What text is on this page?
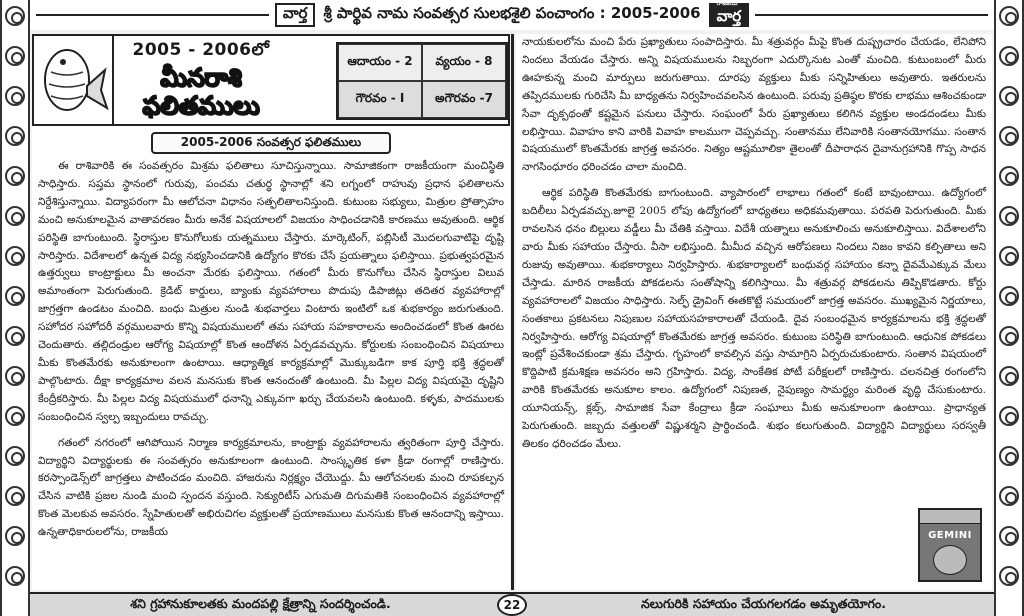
వార్త	శ్రీ పార్థివ నామ సంవత్సర సులభశైలి పంచాంగం : 2005-2006
రాజకీయ
వార్త
2005 - 2006లో
మీనరాశి
ఫలితములు
ఆదాయం - 2	వ్యయం - 8
గౌరవం - I	అగౌరవం -7
2005-2006 సంవత్సర ఫలితములు

ఈ రాశివారికి ఈ సంవత్సరం మిశ్రమ ఫలితాలు సూచిస్తున్నాయి. సామాజికంగా రాజకీయంగా మంచిస్థితి సాధిస్తారు. సప్తమ స్థానంలో గురువు, పంచమ చతుర్థ స్థానాల్లో శని లగ్నంలో రాహువు ప్రధాన ఫలితాలను నిర్దేశిస్తున్నాయి. విద్యాపరంగా మీ ఆలోచనా విధానం సత్ఫలితాలనిస్తుంది. కుటుంబ సభ్యులు, మిత్రుల ప్రోత్సాహం మంచి అనుకూలమైన వాతావరణం మీరు అనేక విషయాలలో విజయం సాధించడానికి కారణము అవుతుంది. ఆర్థిక పరిస్థితి బాగుంటుంది. స్థిరాస్తుల కొనుగోలుకు యత్నములు చేస్తారు. మార్కెటింగ్, పబ్లిసిటీ మొదలగువాటిపై దృష్టి సారిస్తారు. విదేశాలలో ఉన్నత విద్య నభ్యసించడానికి ఉద్యోగం కొరకు చేసే ప్రయత్నాలు ఫలిస్తాయి. ప్రభుత్వపరమైన ఉత్తర్వులు కాంట్రాక్టులు మీ అంచనా మేరకు ఫలిస్తాయి. గతంలో మీరు కొనుగోలు చేసిన స్థిరాస్తుల విలువ అమాంతంగా పెరుగుతుంది. క్రెడిట్ కార్డులు, బ్యాంకు వ్యవహారాలు పొదుపు డిపాజిట్లు తదితర వ్యవహారాల్లో జాగ్రత్తగా ఉండటం మంచిది. బంధు మిత్రుల నుండి శుభవార్తలు వింటారు ఇంటిలో ఒక శుభకార్యం జరుగుతుంది. సహోదర సహోదరీ వర్గములవారు కొన్ని విషయములలో తమ సహాయ సహకారాలను అందించడంలో కొంత ఊరట చెందుతారు. తల్లిదండ్రుల ఆరోగ్య విషయాల్లో కొంత ఆందోళన ఏర్పడవచ్చును. కోర్టులకు సంబంధించిన విషయాలు మీకు కొంతమేరకు అనుకూలంగా ఉంటాయి. ఆధ్యాత్మిక కార్యక్రమాల్లో మొక్కుబడిగా కాక పూర్తి భక్తి శ్రద్ధలతో పాల్గొంటారు. దీక్షా కార్యక్రమాల వలన మనసుకు కొంత ఆనందంతో ఉంటుంది. మీ పిల్లల విద్య విషయమై దృష్టిని కేంద్రీకరిస్తారు. మీ పిల్లల విద్య విషయములో ధనాన్ని ఎక్కువగా ఖర్చు చేయవలసి ఉంటుంది. కళ్ళకు, పాదములకు సంబంధించిన స్వల్ప ఇబ్బందులు రావచ్చు.

గతంలో నగరంలో ఆగిపోయిన నిర్మాణ కార్యక్రమాలను, కాంట్రాక్టు వ్యవహారాలను త్వరితంగా పూర్తి చేస్తారు. విద్యార్థిని విద్యార్థులకు ఈ సంవత్సరం అనుకూలంగా ఉంటుంది. సాంస్కృతిక కళా క్రీడా రంగాల్లో రాణిస్తారు. కరస్పాండెన్స్‌లో జాగ్రత్తలు పాటించడం మంచిది. హాజరును నిర్లక్ష్యం చేయొద్దు. మీ ఆలోచనలకు మంచి రూపకల్పన చేసిన వాటికి ప్రజల నుండి మంచి స్పందన వస్తుంది. సెక్యురిటీస్ ఎగుమతి దిగుమతికి సంబంధించిన వ్యవహారాల్లో కొంత మెలకువ అవసరం. స్నేహితులతో అభిరుచిగల వ్యక్తులతో ప్రయాణములు మనసుకు కొంత ఆనందాన్ని ఇస్తాయి. ఉన్నతాధికారులలోను, రాజకీయ

నాయకులలోను మంచి పేరు ప్రఖ్యాతులు సంపాదిస్తారు. మీ శత్రువర్గం మీపై కొంత దుష్ప్రచారం చేయడం, లేనిపోని నిందలు వేయడం చేస్తారు. అన్ని విషయములను నిబ్బరంగా ఎదుర్కొనుట ఎంతో మంచిది. కుటుంబంలో మీరు ఊహకున్న మంచి మార్పులు జరుగుతాయి. దూరపు వ్యక్తులు మీకు సన్నిహితులు అవుతారు. ఇతరులను తప్పిదములకు గురిచేసి మీ బాధ్యతను నిర్వహించవలసిన ఉంటుంది. పరువు ప్రతిష్ఠల కొరకు లాభము ఆశించకుండా సేవా దృక్పథంతో కష్టమైన పనులు చేస్తారు. సంఘంలో పేరు ప్రఖ్యాతులు కలిగిన వ్యక్తుల అండదండలు మీకు లభిస్తాయి. వివాహం కాని వారికి వివాహ కాలముగా చెప్పవచ్చు. సంతానము లేనివారికి సంతానయోగము. సంతాన విషయములో కొంతమేరకు జాగ్రత్త అవసరం. నిత్యం ఆష్టమూలికా తైలంతో దీపారాధన దైవానుగ్రహానికి గొప్ప సాధన నాగసింధూరం ధరించడం చాలా మంచిది.

ఆర్థిక పరిస్థితి కొంతమేరకు బాగుంటుంది. వ్యాపారంలో లాభాలు గతంలో కంటే బావుంటాయి. ఉద్యోగంలో బదిలీలు ఏర్పడవచ్చు.జూలై 2005 లోపు ఉద్యోగంలో బాధ్యతలు అధికమవుతాయి. పరపతి పెరుగుతుంది. మీకు రావలసిన ధనం బిల్లులు వడ్డీలు మీ చేతికి వస్తాయి. విదేశీ యత్నాలు అనుకూలించు అనుకూలిస్తాయి. విదేశాలలోని వారు మీకు సహాయం చేస్తారు. వీసా లభిస్తుంది. మీమీద వచ్చిన ఆరోపణలు నిందలు నిజం కావని కల్పితాలు అని రుజువు అవుతాయి. శుభకార్యాలు నిర్వహిస్తారు. శుభకార్యాలలో బంధువర్గ సహాయం కన్నా దైవమేఎక్కువ మేలు చేస్తాడు. మారిన రాజకీయ పోకడలను సంతోషాన్ని కలిగిస్తాయి. మీ శత్రువర్గ పోకడలను తిప్పికొడతారు. కోర్టు వ్యవహారాలలో విజయం సాధిస్తారు. సెల్ఫ్ డ్రైవింగ్ ఈతకొట్టే సమయంలో జాగ్రత్త అవసరం. ముఖ్యమైన నిర్ణయాలు, సంతకాలు ప్రకటనలు నిపుణుల సహాయసహకారాలతో చేయండి. దైవ సంబంధమైన కార్యక్రమాలను భక్తి శ్రద్ధలతో నిర్వహిస్తారు. ఆరోగ్య విషయాల్లో కొంతమేరకు జాగ్రత్త అవసరం. కుటుంబ పరిస్థితి బాగుంటుంది. ఆధునిక పోకడలు ఇంట్లో ప్రవేశించకుండా శ్రమ చేస్తారు. గృహంలో కావల్సిన వస్తు సామాగ్రిని ఏర్పరుచుకుంటారు. సంతాన విషయంలో కొద్దిపాటి క్రమశిక్షణ అవసరం అని గ్రహిస్తారు. విద్య, సాంకేతిక పోటీ పరీక్షలలో రాణిస్తారు. చలనచిత్ర రంగంలోని వారికి కొంతమేరకు అనుకూల కాలం. ఉద్యోగంలో నిపుణత, నైపుణ్యం సామర్థ్యం మరింత వృద్ధి చేసుకుంటారు. యూనియన్స్, క్లబ్స్, సామాజిక సేవా కేంద్రాలు క్రీడా సంఘాలు మీకు అనుకూలంగా ఉంటాయి. ప్రాధాన్యత పెరుగుతుంది. జబ్బదు వత్తులతో విష్ణుశర్మని ప్రార్థించండి. శుభం కలుగుతుంది. విద్యార్థిని విద్యార్థులు సరస్వతీ తిలకం ధరించడం మేలు.

GEMINI
శని గ్రహానుకూలతకు మందపల్లి క్షేత్రాన్ని సందర్శించండి.	22	నలుగురికి సహాయం చేయగలగడం అమృతయోగం.
